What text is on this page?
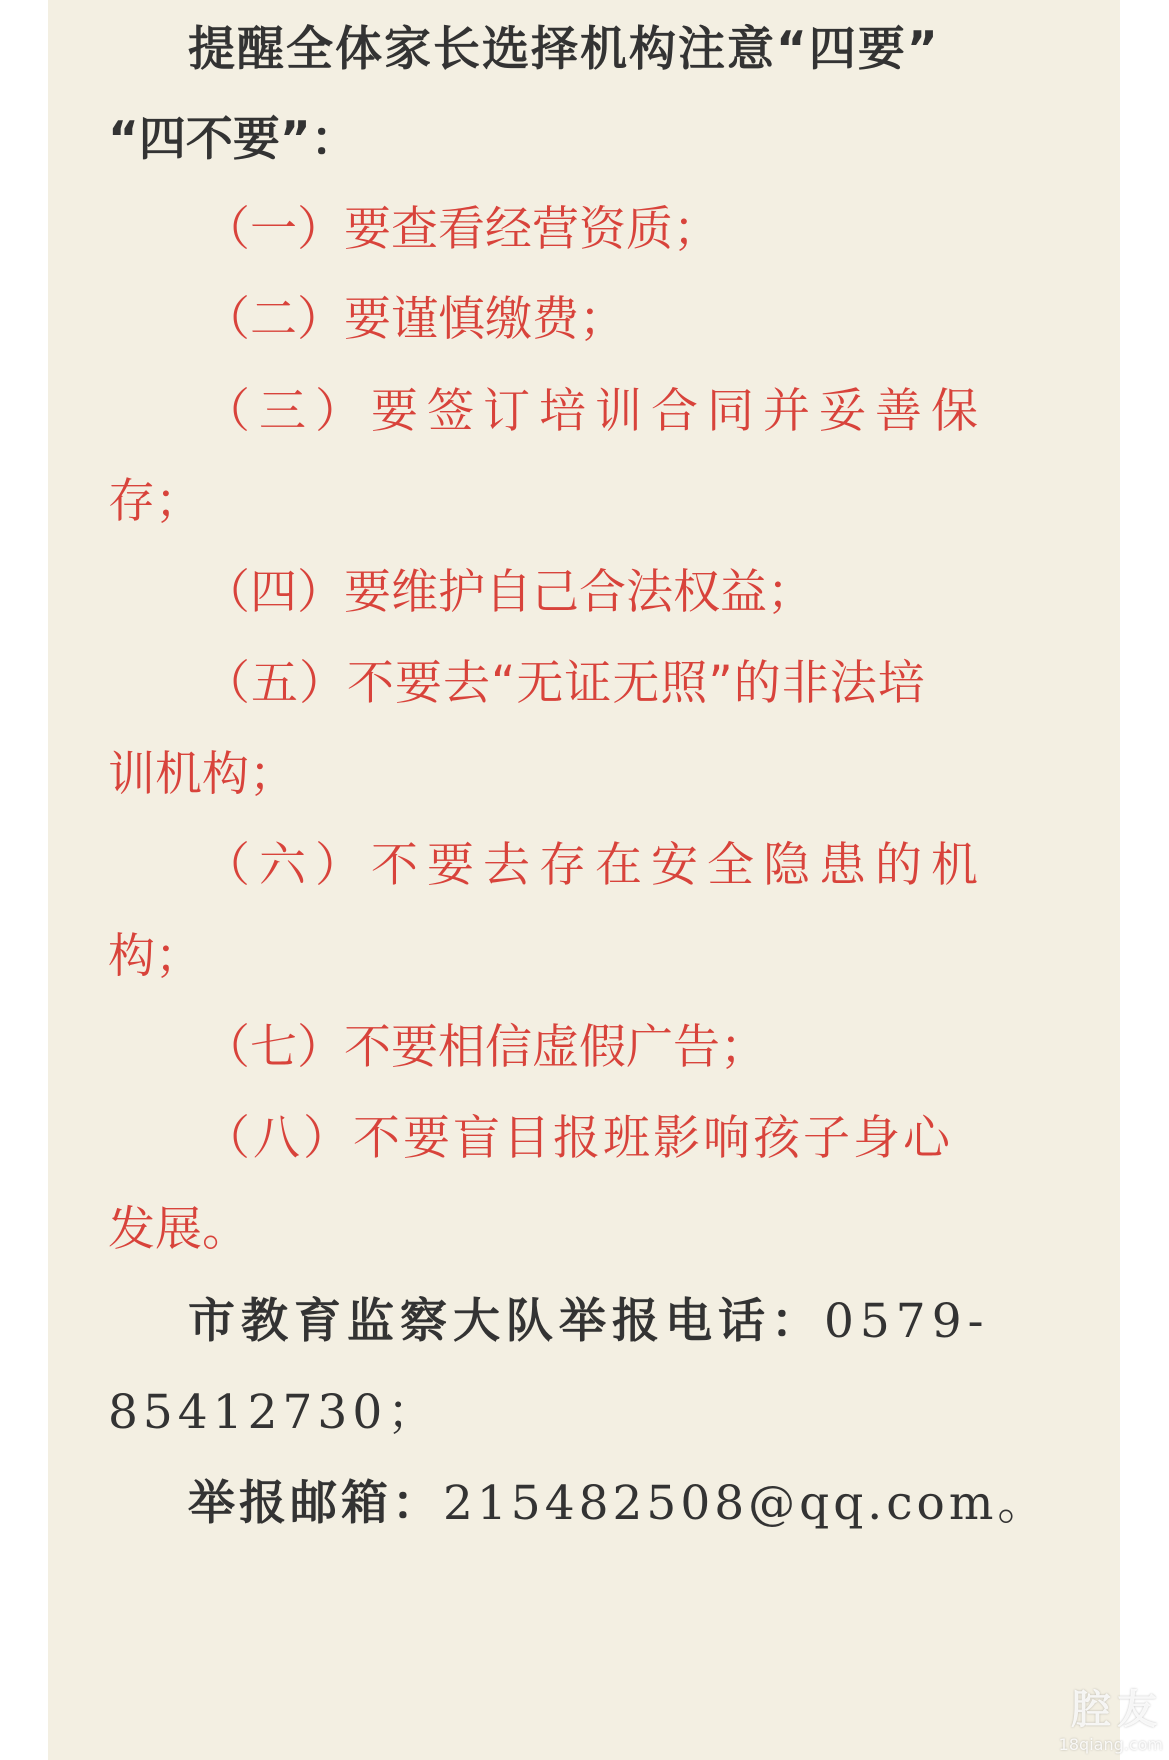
提醒全体家长选择机构注意“四要”

“四不要”：

（一）要查看经营资质；

（二）要谨慎缴费；

（三）要签订培训合同并妥善保

存；

（四）要维护自己合法权益；

（五）不要去“无证无照”的非法培

训机构；

（六）不要去存在安全隐患的机

构；

（七）不要相信虚假广告；

（八）不要盲目报班影响孩子身心

发展。

市教育监察大队举报电话：0579-

85412730；

举报邮箱：215482508@qq.com。

腔友
18qiang.com
